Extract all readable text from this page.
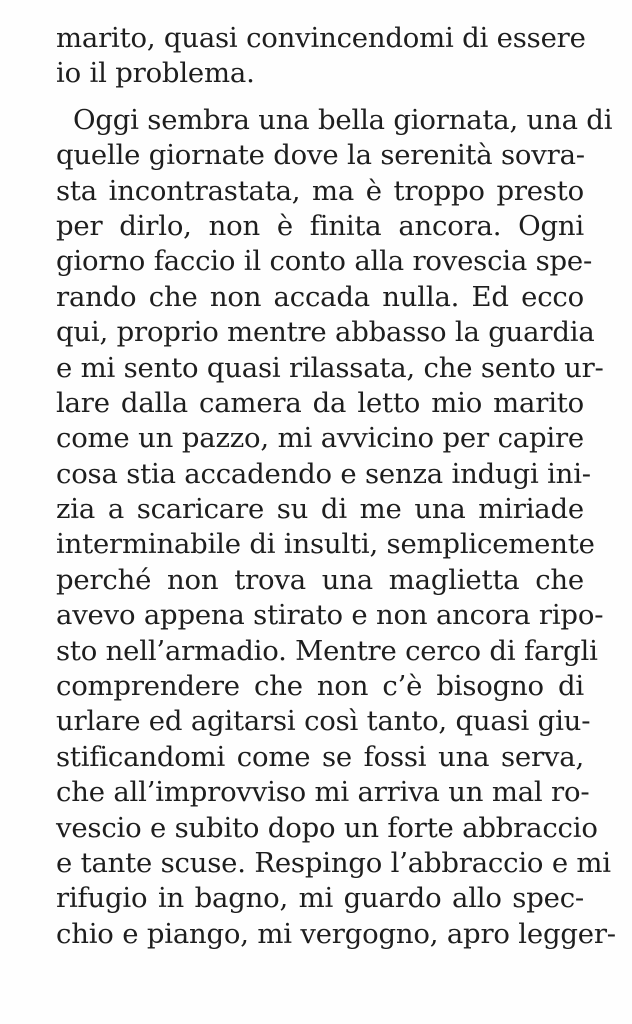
marito, quasi convincendomi di essere
io il problema.
Oggi sembra una bella giornata, una di
quelle giornate dove la serenità sovra-
sta incontrastata, ma è troppo presto
per dirlo, non è finita ancora. Ogni
giorno faccio il conto alla rovescia spe-
rando che non accada nulla. Ed ecco
qui, proprio mentre abbasso la guardia
e mi sento quasi rilassata, che sento ur-
lare dalla camera da letto mio marito
come un pazzo, mi avvicino per capire
cosa stia accadendo e senza indugi ini-
zia a scaricare su di me una miriade
interminabile di insulti, semplicemente
perché non trova una maglietta che
avevo appena stirato e non ancora ripo-
sto nell’armadio. Mentre cerco di fargli
comprendere che non c’è bisogno di
urlare ed agitarsi così tanto, quasi giu-
stificandomi come se fossi una serva,
che all’improvviso mi arriva un mal ro-
vescio e subito dopo un forte abbraccio
e tante scuse. Respingo l’abbraccio e mi
rifugio in bagno, mi guardo allo spec-
chio e piango, mi vergogno, apro legger-
